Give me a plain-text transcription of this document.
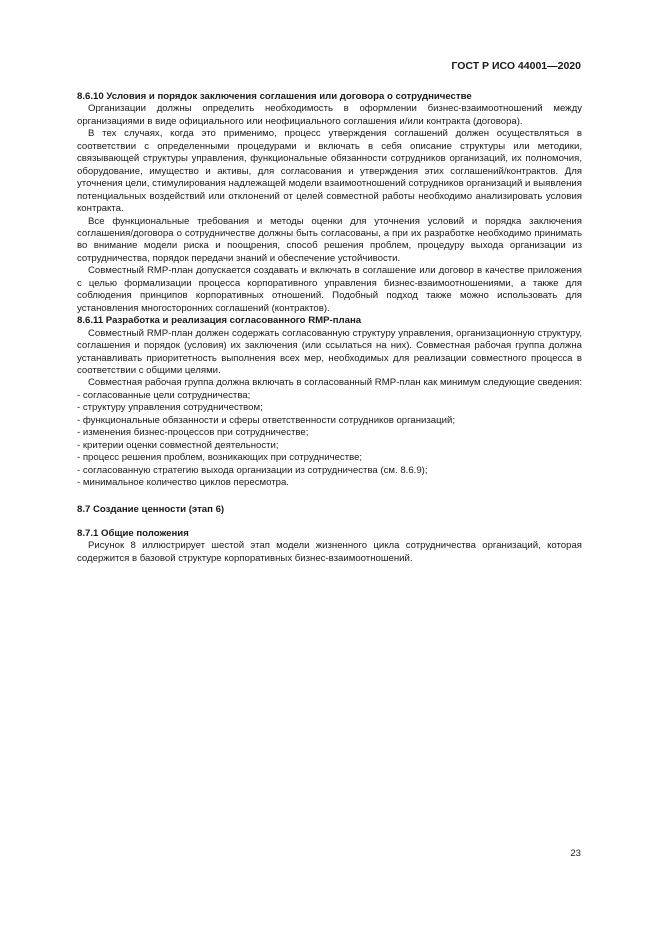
ГОСТ Р ИСО 44001—2020

8.6.10 Условия и порядок заключения соглашения или договора о сотрудничестве

Организации должны определить необходимость в оформлении бизнес-взаимоотношений между организациями в виде официального или неофициального соглашения и/или контракта (договора).

В тех случаях, когда это применимо, процесс утверждения соглашений должен осуществляться в соответствии с определенными процедурами и включать в себя описание структуры или методики, связывающей структуры управления, функциональные обязанности сотрудников организаций, их полномочия, оборудование, имущество и активы, для согласования и утверждения этих соглашений/контрактов. Для уточнения цели, стимулирования надлежащей модели взаимоотношений сотрудников организаций и выявления потенциальных воздействий или отклонений от целей совместной работы необходимо анализировать условия контракта.

Все функциональные требования и методы оценки для уточнения условий и порядка заключения соглашения/договора о сотрудничестве должны быть согласованы, а при их разработке необходимо принимать во внимание модели риска и поощрения, способ решения проблем, процедуру выхода организации из сотрудничества, порядок передачи знаний и обеспечение устойчивости.

Совместный RMP-план допускается создавать и включать в соглашение или договор в качестве приложения с целью формализации процесса корпоративного управления бизнес-взаимоотношениями, а также для соблюдения принципов корпоративных отношений. Подобный подход также можно использовать для установления многосторонних соглашений (контрактов).

8.6.11 Разработка и реализация согласованного RMP-плана

Совместный RMP-план должен содержать согласованную структуру управления, организационную структуру, соглашения и порядок (условия) их заключения (или ссылаться на них). Совместная рабочая группа должна устанавливать приоритетность выполнения всех мер, необходимых для реализации совместного процесса в соответствии с общими целями.

Совместная рабочая группа должна включать в согласованный RMP-план как минимум следующие сведения:

- согласованные цели сотрудничества;

- структуру управления сотрудничеством;

- функциональные обязанности и сферы ответственности сотрудников организаций;

- изменения бизнес-процессов при сотрудничестве;

- критерии оценки совместной деятельности;

- процесс решения проблем, возникающих при сотрудничестве;

- согласованную стратегию выхода организации из сотрудничества (см. 8.6.9);

- минимальное количество циклов пересмотра.

8.7 Создание ценности (этап 6)

8.7.1 Общие положения

Рисунок 8 иллюстрирует шестой этап модели жизненного цикла сотрудничества организаций, которая содержится в базовой структуре корпоративных бизнес-взаимоотношений.

23
